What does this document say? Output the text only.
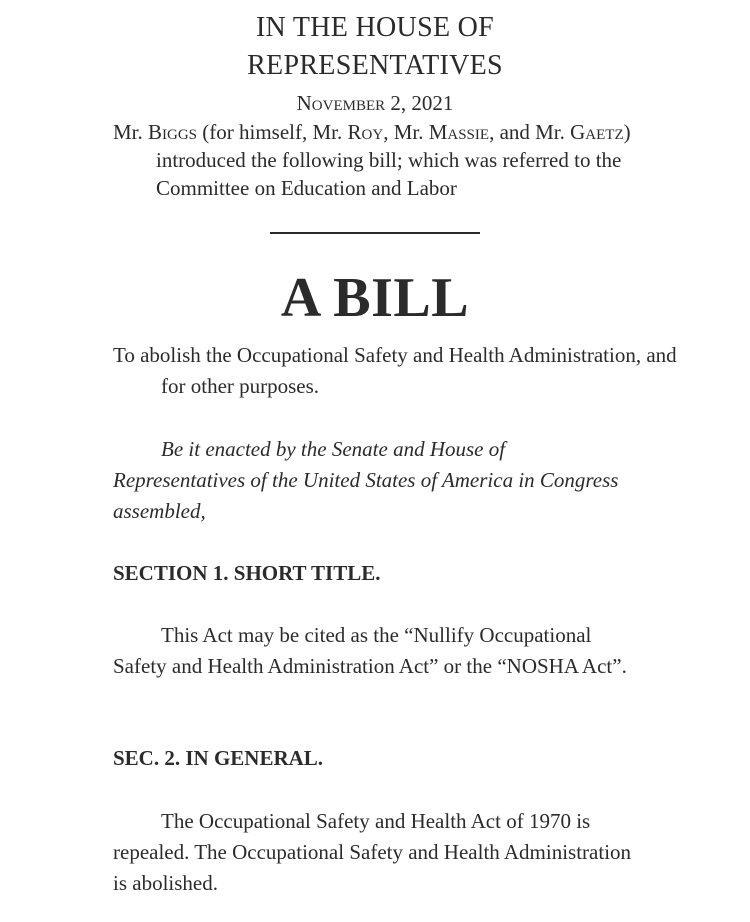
IN THE HOUSE OF
REPRESENTATIVES
November 2, 2021
Mr. Biggs (for himself, Mr. Roy, Mr. Massie, and Mr. Gaetz) introduced the following bill; which was referred to the Committee on Education and Labor
A BILL
To abolish the Occupational Safety and Health Administration, and for other purposes.
Be it enacted by the Senate and House of Representatives of the United States of America in Congress assembled,
SECTION 1. SHORT TITLE.
This Act may be cited as the “Nullify Occupational Safety and Health Administration Act” or the “NOSHA Act”.
SEC. 2. IN GENERAL.
The Occupational Safety and Health Act of 1970 is repealed. The Occupational Safety and Health Administration is abolished.
